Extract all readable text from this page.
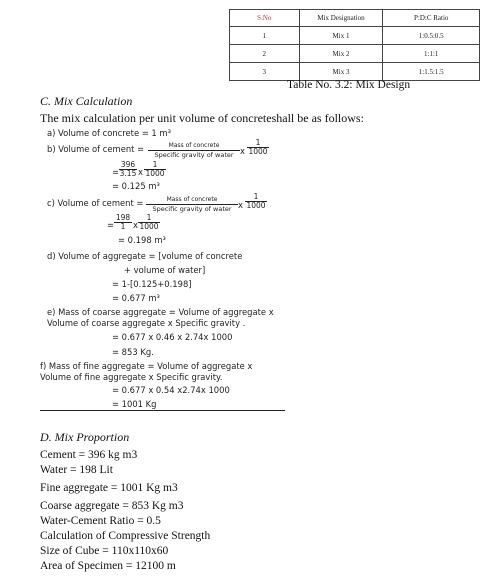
S.No	Mix Designation	P:D:C Ratio
1	Mix 1	1:0.5:0.5
2	Mix 2	1:1:1
3	Mix 3	1:1.5:1.5
Table No. 3.2: Mix Design
C. Mix Calculation
The mix calculation per unit volume of concreteshall be as follows:
a) Volume of concrete = 1 m³
b) Volume of cement =	Mass of concrete
Specific gravity of water x $\frac{1}{1000}$
= $\frac{396}{3.15}$ x $\frac{1}{1000}$
= 0.125 m³
c) Volume of cement =	Mass of concrete
Specific gravity of water x $\frac{1}{1000}$
= $\frac{198}{1}$ x $\frac{1}{1000}$
= 0.198 m³
d) Volume of aggregate = [volume of concrete
+ volume of water]
= 1-[0.125+0.198]
= 0.677 m³
e) Mass of coarse aggregate = Volume of aggregate x
Volume of coarse aggregate x Specific gravity .
= 0.677 x 0.46 x 2.74x 1000
= 853 Kg.
f) Mass of fine aggregate = Volume of aggregate x
Volume of fine aggregate x Specific gravity.
= 0.677 x 0.54 x2.74x 1000
= 1001 Kg
D. Mix Proportion
Cement = 396 kg m3
Water = 198 Lit
Fine aggregate = 1001 Kg m3
Coarse aggregate = 853 Kg m3
Water-Cement Ratio = 0.5
Calculation of Compressive Strength
Size of Cube = 110x110x60
Area of Specimen = 12100 m
